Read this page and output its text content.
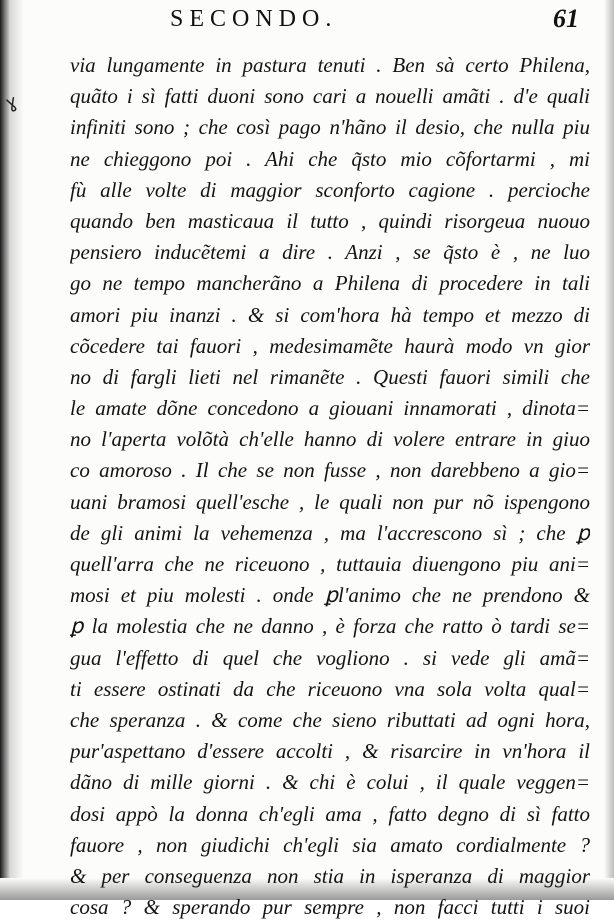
ɣ
SECONDO.	61
via lungamente in pastura tenuti . Ben sà certo Philena,
quãto i sì fatti duoni sono cari a nouelli amãti . d'e quali
infiniti sono ; che così pago n'hãno il desio, che nulla piu
ne chieggono poi . Ahi che q̃sto mio cõfortarmi , mi
fù alle volte di maggior sconforto cagione . percioche
quando ben masticaua il tutto , quindi risorgeua nuouo
pensiero inducẽtemi a dire . Anzi , se q̃sto è , ne luo
go ne tempo mancherãno a Philena di procedere in tali
amori piu inanzi . & si com'hora hà tempo et mezzo di
cõcedere tai fauori , medesimamẽte haurà modo vn gior
no di fargli lieti nel rimanẽte . Questi fauori simili che
le amate dõne concedono a giouani innamorati , dinota=
no l'aperta volõtà ch'elle hanno di volere entrare in giuo
co amoroso . Il che se non fusse , non darebbeno a gio=
uani bramosi quell'esche , le quali non pur nõ ispengono
de gli animi la vehemenza , ma l'accrescono sì ; che ꝑ
quell'arra che ne riceuono , tuttauia diuengono piu ani=
mosi et piu molesti . onde ꝑl'animo che ne prendono &
ꝑ la molestia che ne danno , è forza che ratto ò tardi se=
gua l'effetto di quel che vogliono . si vede gli amã=
ti essere ostinati da che riceuono vna sola volta qual=
che speranza . & come che sieno ributtati ad ogni hora,
pur'aspettano d'essere accolti , & risarcire in vn'hora il
dãno di mille giorni . & chi è colui , il quale veggen=
dosi appò la donna ch'egli ama , fatto degno di sì fatto
fauore , non giudichi ch'egli sia amato cordialmente ?
& per conseguenza non stia in isperanza di maggior
cosa ? & sperando pur sempre , non facci tutti i suoi
